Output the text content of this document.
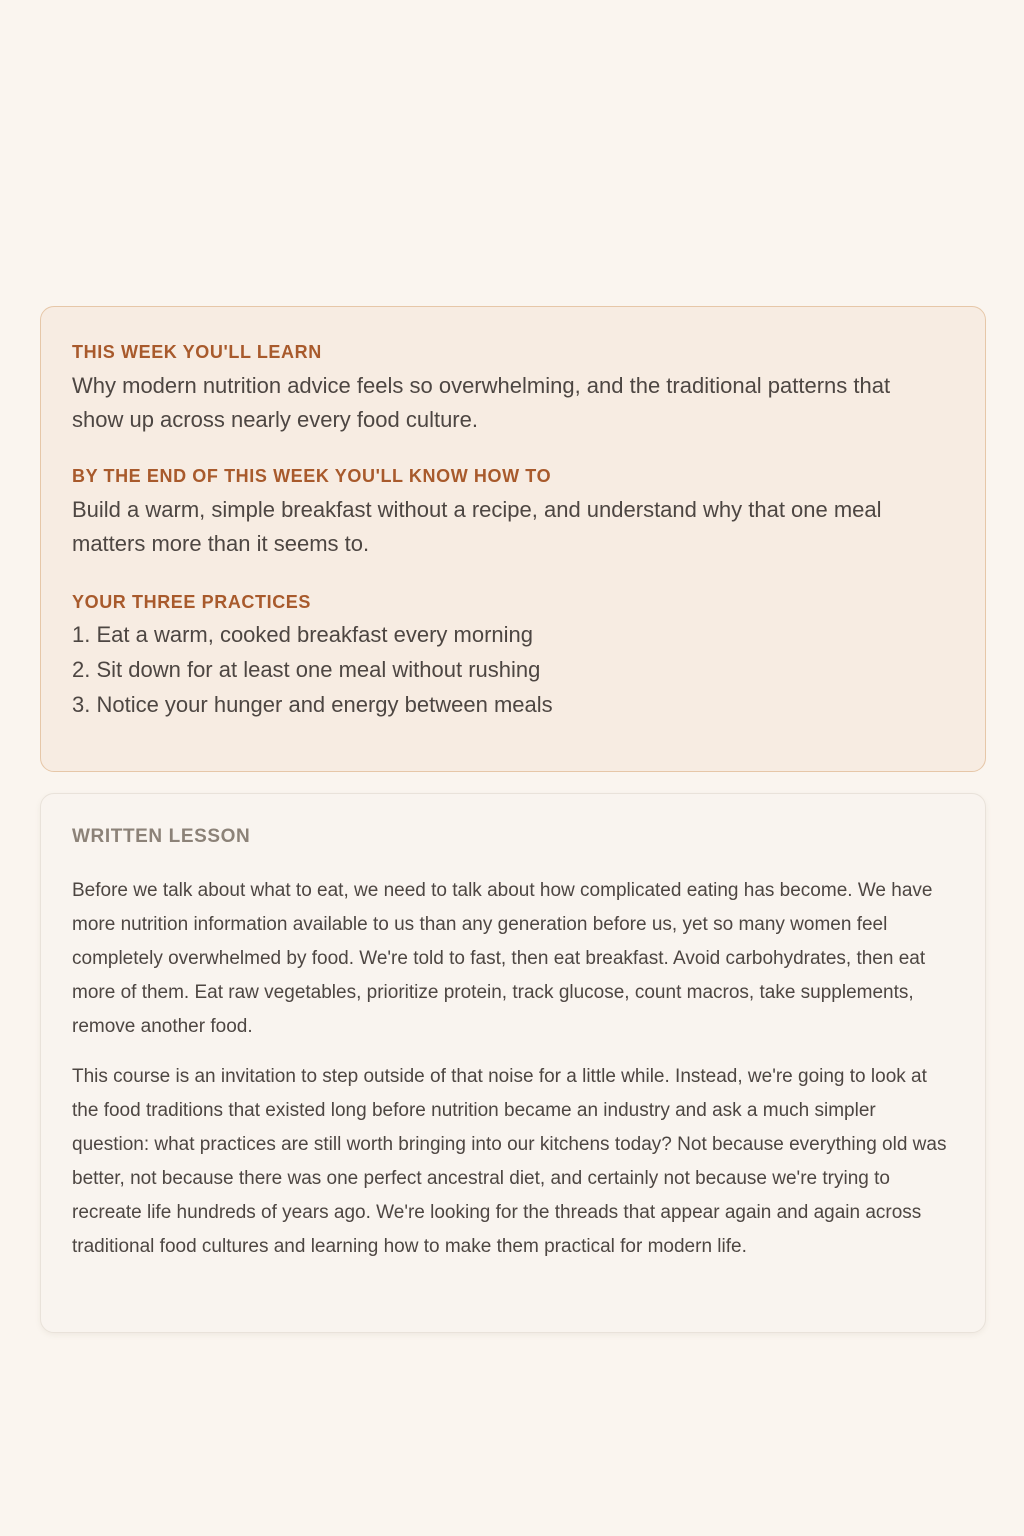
THIS WEEK YOU'LL LEARN

Why modern nutrition advice feels so overwhelming, and the traditional patterns that show up across nearly every food culture.

BY THE END OF THIS WEEK YOU'LL KNOW HOW TO

Build a warm, simple breakfast without a recipe, and understand why that one meal matters more than it seems to.

YOUR THREE PRACTICES
1. Eat a warm, cooked breakfast every morning
2. Sit down for at least one meal without rushing
3. Notice your hunger and energy between meals
WRITTEN LESSON

Before we talk about what to eat, we need to talk about how complicated eating has become. We have more nutrition information available to us than any generation before us, yet so many women feel completely overwhelmed by food. We're told to fast, then eat breakfast. Avoid carbohydrates, then eat more of them. Eat raw vegetables, prioritize protein, track glucose, count macros, take supplements, remove another food.

This course is an invitation to step outside of that noise for a little while. Instead, we're going to look at the food traditions that existed long before nutrition became an industry and ask a much simpler question: what practices are still worth bringing into our kitchens today? Not because everything old was better, not because there was one perfect ancestral diet, and certainly not because we're trying to recreate life hundreds of years ago. We're looking for the threads that appear again and again across traditional food cultures and learning how to make them practical for modern life.
